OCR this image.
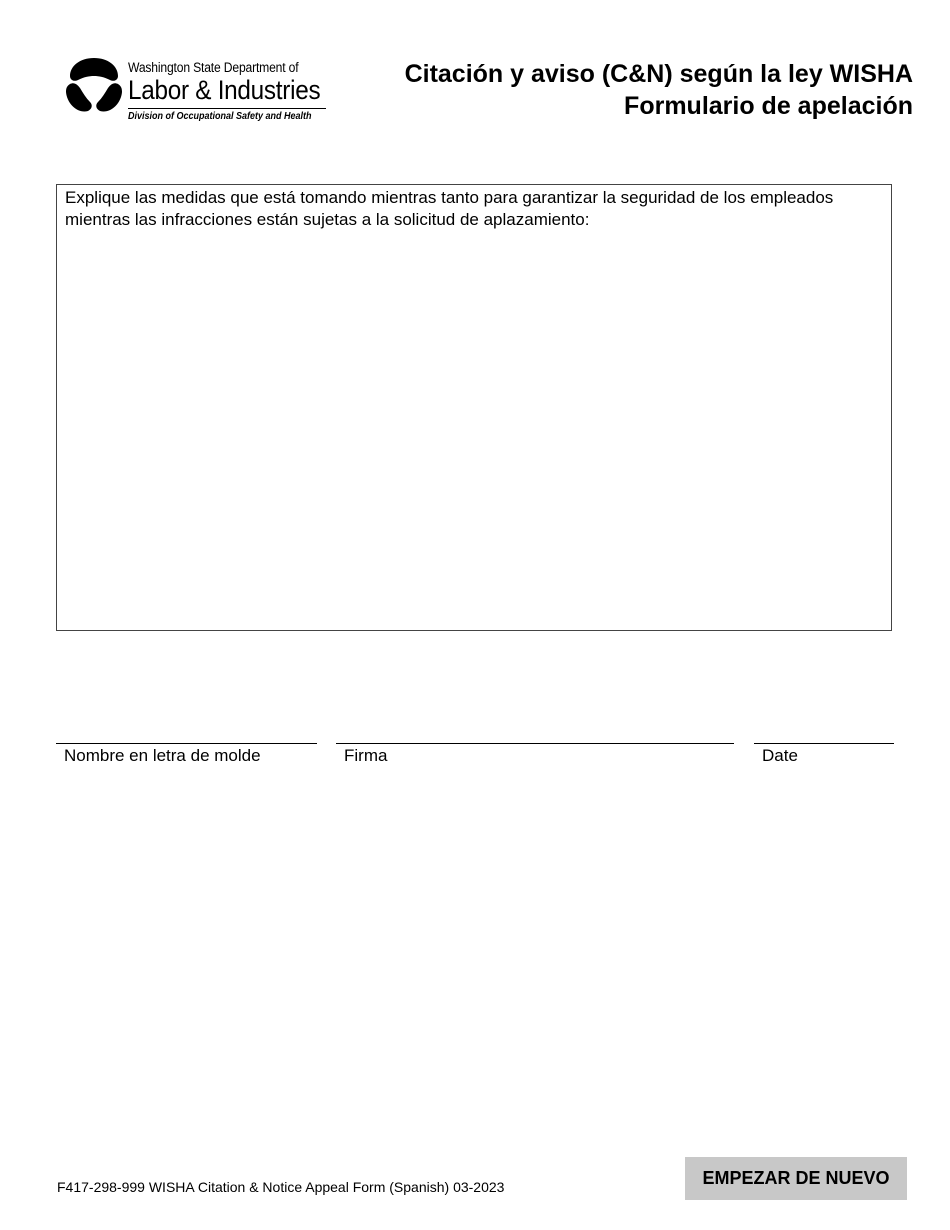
Washington State Department of
Labor & Industries
Division of Occupational Safety and Health
Citación y aviso (C&N) según la ley WISHA
Formulario de apelación
Explique las medidas que está tomando mientras tanto para garantizar la seguridad de los empleados mientras las infracciones están sujetas a la solicitud de aplazamiento:
Nombre en letra de molde	Firma	Date
F417-298-999 WISHA Citation & Notice Appeal Form (Spanish) 03-2023	EMPEZAR DE NUEVO
